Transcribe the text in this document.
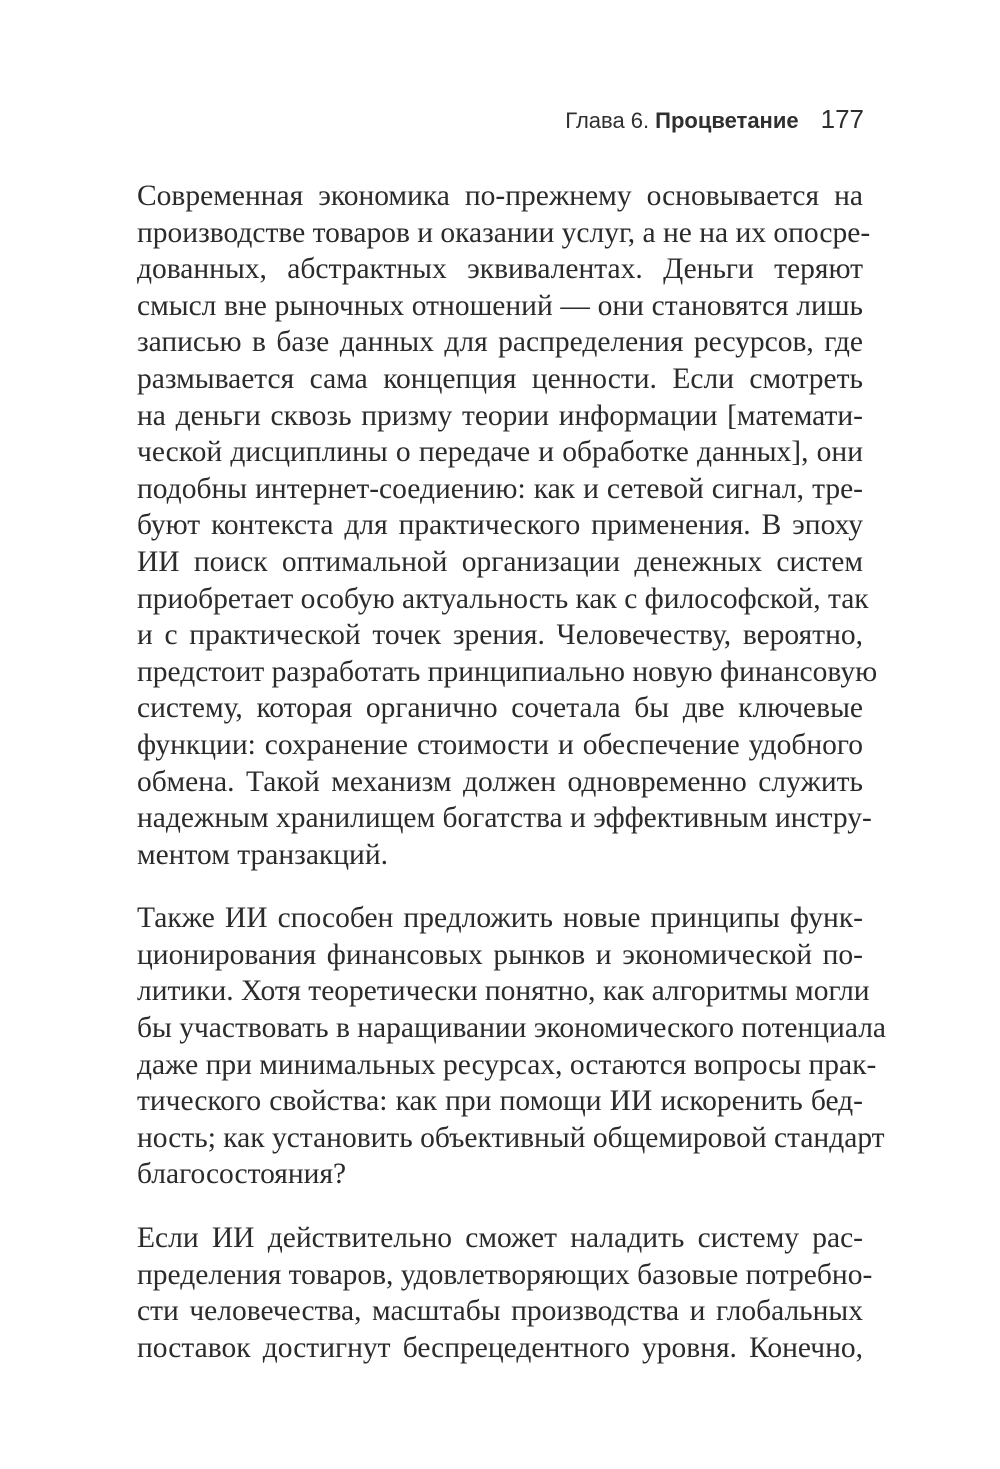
Глава 6. Процветание 177

Современная экономика по-прежнему основывается на
производстве товаров и оказании услуг, а не на их опосре-
дованных, абстрактных эквивалентах. Деньги теряют
смысл вне рыночных отношений — они становятся лишь
записью в базе данных для распределения ресурсов, где
размывается сама концепция ценности. Если смотреть
на деньги сквозь призму теории информации [математи-
ческой дисциплины о передаче и обработке данных], они
подобны интернет-соедиению: как и сетевой сигнал, тре-
буют контекста для практического применения. В эпоху
ИИ поиск оптимальной организации денежных систем
приобретает особую актуальность как с философской, так
и с практической точек зрения. Человечеству, вероятно,
предстоит разработать принципиально новую финансовую
систему, которая органично сочетала бы две ключевые
функции: сохранение стоимости и обеспечение удобного
обмена. Такой механизм должен одновременно служить
надежным хранилищем богатства и эффективным инстру-
ментом транзакций.

Также ИИ способен предложить новые принципы функ-
ционирования финансовых рынков и экономической по-
литики. Хотя теоретически понятно, как алгоритмы могли
бы участвовать в наращивании экономического потенциала
даже при минимальных ресурсах, остаются вопросы прак-
тического свойства: как при помощи ИИ искоренить бед-
ность; как установить объективный общемировой стандарт
благосостояния?

Если ИИ действительно сможет наладить систему рас-
пределения товаров, удовлетворяющих базовые потребно-
сти человечества, масштабы производства и глобальных
поставок достигнут беспрецедентного уровня. Конечно,
